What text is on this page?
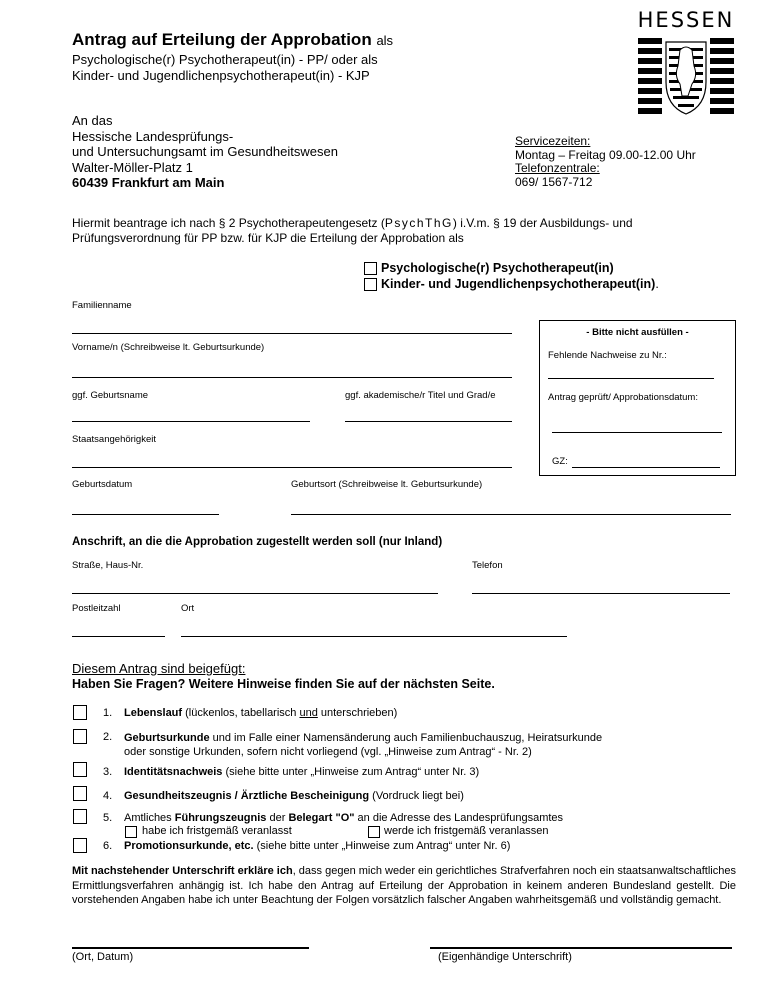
Antrag auf Erteilung der Approbation als
Psychologische(r) Psychotherapeut(in) - PP/ oder als
Kinder- und Jugendlichenpsychotherapeut(in) - KJP
HESSEN
An das
Hessische Landesprüfungs-
und Untersuchungsamt im Gesundheitswesen
Walter-Möller-Platz 1
60439 Frankfurt am Main
Servicezeiten:
Montag – Freitag 09.00-12.00 Uhr
Telefonzentrale:
069/ 1567-712
Hiermit beantrage ich nach § 2 Psychotherapeutengesetz (PsychThG) i.V.m. § 19 der Ausbildungs- und
Prüfungsverordnung für PP bzw. für KJP die Erteilung der Approbation als
Psychologische(r) Psychotherapeut(in)
Kinder- und Jugendlichenpsychotherapeut(in).
Familienname
Vorname/n (Schreibweise lt. Geburtsurkunde)
ggf. Geburtsname	ggf. akademische/r Titel und Grad/e
Staatsangehörigkeit
Geburtsdatum	Geburtsort (Schreibweise lt. Geburtsurkunde)
- Bitte nicht ausfüllen -
Fehlende Nachweise zu Nr.:
Antrag geprüft/ Approbationsdatum:
GZ:
Anschrift, an die die Approbation zugestellt werden soll (nur Inland)
Straße, Haus-Nr.	Telefon
Postleitzahl	Ort
Diesem Antrag sind beigefügt:
Haben Sie Fragen? Weitere Hinweise finden Sie auf der nächsten Seite.
1. Lebenslauf (lückenlos, tabellarisch und unterschrieben)
2. Geburtsurkunde und im Falle einer Namensänderung auch Familienbuchauszug, Heiratsurkunde
oder sonstige Urkunden, sofern nicht vorliegend (vgl. „Hinweise zum Antrag“ - Nr. 2)
3. Identitätsnachweis (siehe bitte unter „Hinweise zum Antrag“ unter Nr. 3)
4. Gesundheitszeugnis / Ärztliche Bescheinigung (Vordruck liegt bei)
5. Amtliches Führungszeugnis der Belegart "O" an die Adresse des Landesprüfungsamtes
habe ich fristgemäß veranlasst	werde ich fristgemäß veranlassen
6. Promotionsurkunde, etc. (siehe bitte unter „Hinweise zum Antrag“ unter Nr. 6)
Mit nachstehender Unterschrift erkläre ich, dass gegen mich weder ein gerichtliches Strafverfahren noch ein staatsanwaltschaftliches Ermittlungsverfahren anhängig ist. Ich habe den Antrag auf Erteilung der Approbation in keinem anderen Bundesland gestellt. Die vorstehenden Angaben habe ich unter Beachtung der Folgen vorsätzlich falscher Angaben wahrheitsgemäß und vollständig gemacht.
(Ort, Datum)	(Eigenhändige Unterschrift)
